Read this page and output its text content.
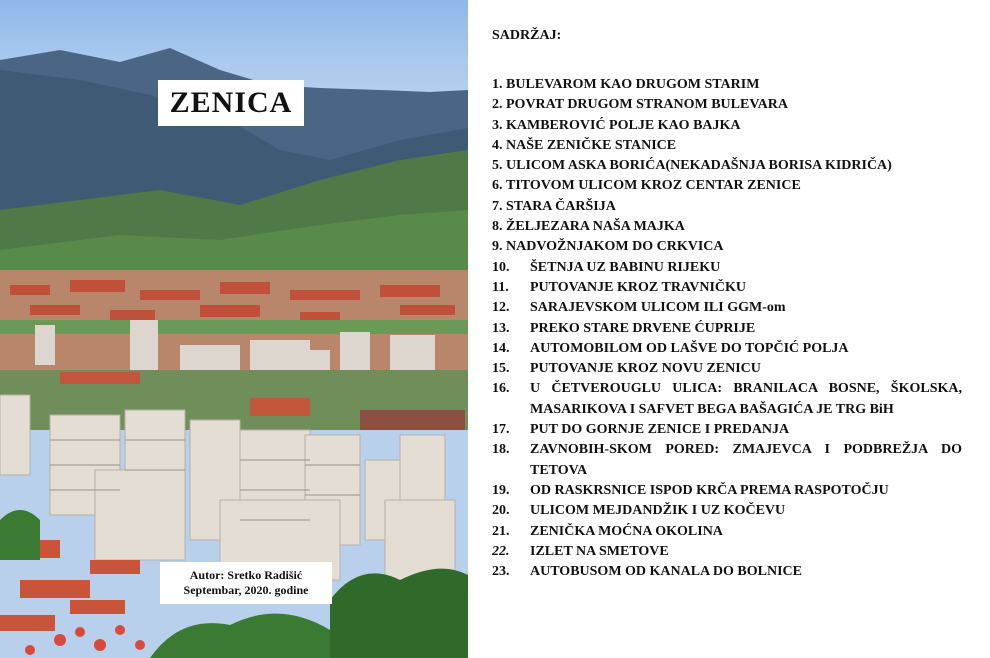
ZENICA
Autor: Sretko Radišić
Septembar, 2020. godine
SADRŽAJ:
1. BULEVAROM KAO DRUGOM STARIM
2. POVRAT DRUGOM STRANOM BULEVARA
3. KAMBEROVIĆ POLJE KAO BAJKA
4. NAŠE ZENIČKE STANICE
5. ULICOM ASKA BORIĆA(NEKADAŠNJA BORISA KIDRIČA)
6. TITOVOM ULICOM KROZ CENTAR ZENICE
7. STARA ČARŠIJA
8. ŽELJEZARA NAŠA MAJKA
9. NADVOŽNJAKOM DO CRKVICA
10.	ŠETNJA UZ BABINU RIJEKU
11.	PUTOVANJE KROZ TRAVNIČKU
12.	SARAJEVSKOM ULICOM ILI GGM-om
13.	PREKO STARE DRVENE ĆUPRIJE
14.	AUTOMOBILOM OD LAŠVE DO TOPČIĆ POLJA
15.	PUTOVANJE KROZ NOVU ZENICU
16.	U ČETVEROUGLU ULICA: BRANILACA BOSNE, ŠKOLSKA, MASARIKOVA I SAFVET BEGA BAŠAGIĆA JE TRG BiH
17.	PUT DO GORNJE ZENICE I PREDANJA
18.	ZAVNOBIH-SKOM PORED: ZMAJEVCA I PODBREŽJA DO TETOVA
19.	OD RASKRSNICE ISPOD KRČA PREMA RASPOTOČJU
20.	ULICOM MEJDANDŽIK I UZ KOČEVU
21.	ZENIČKA MOĆNA OKOLINA
22.	IZLET NA SMETOVE
23.	AUTOBUSOM OD KANALA DO BOLNICE
